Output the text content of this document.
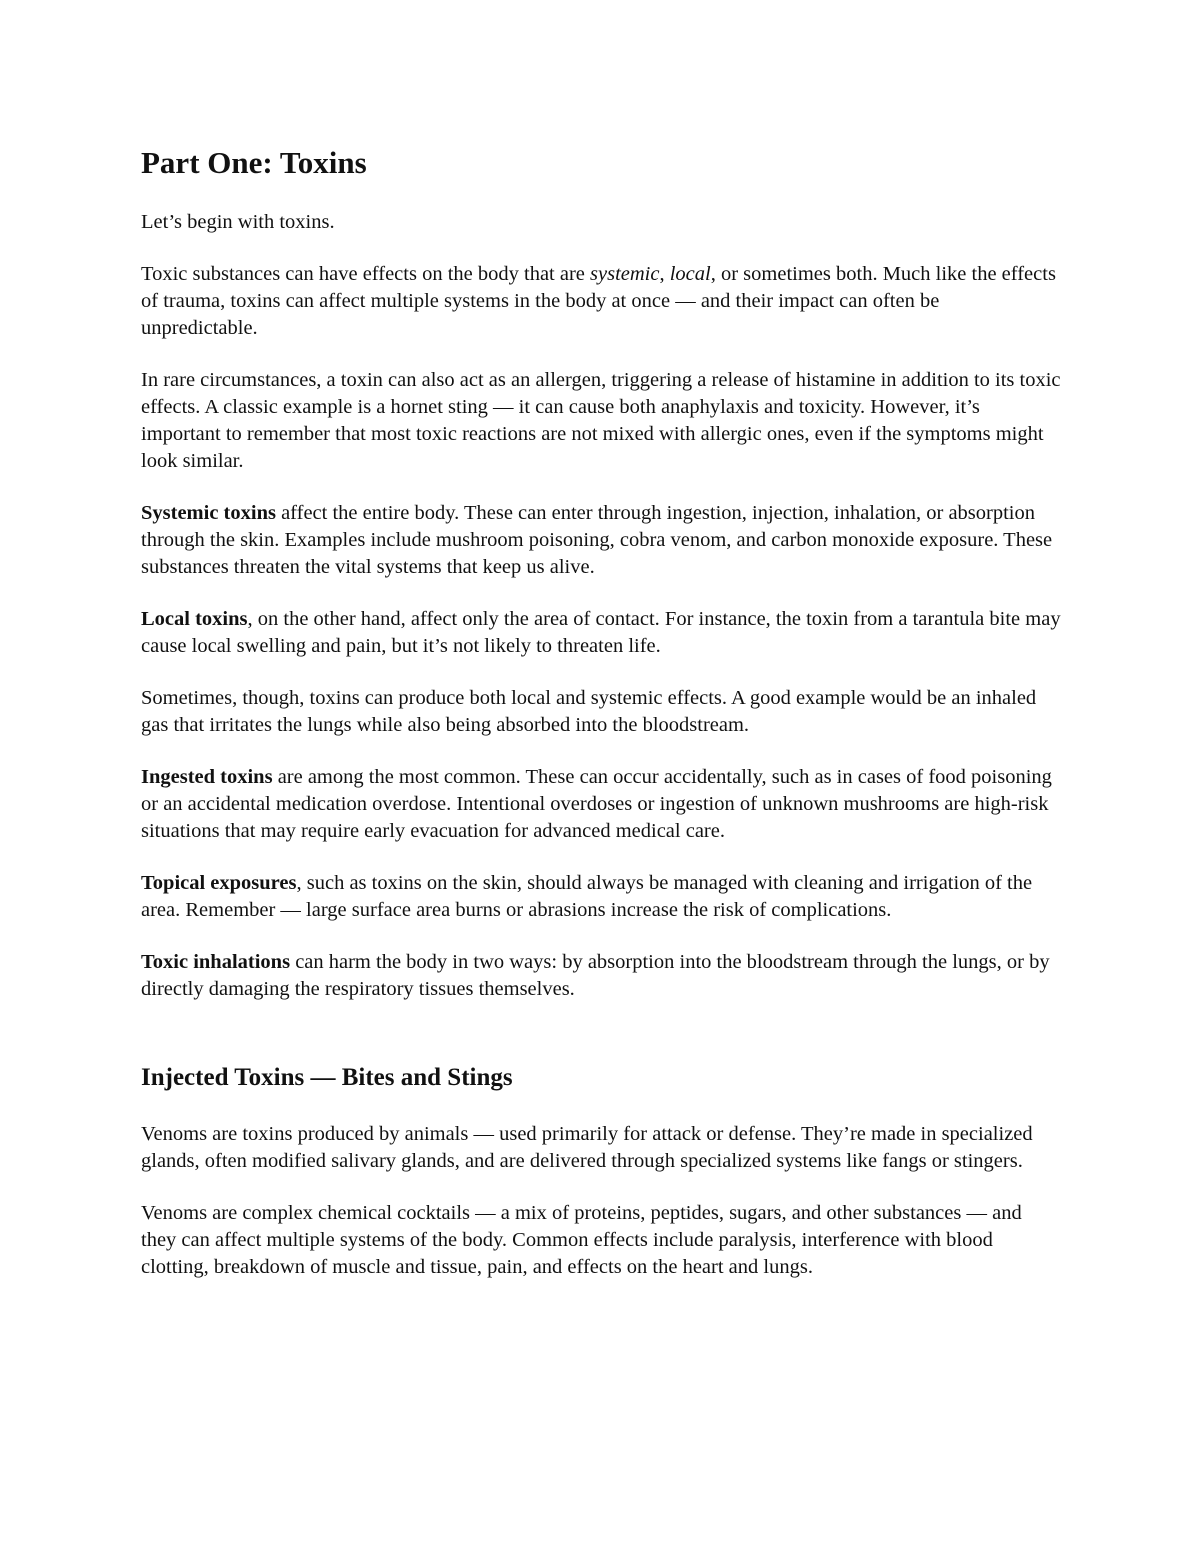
Part One: Toxins

Let’s begin with toxins.

Toxic substances can have effects on the body that are systemic, local, or sometimes both. Much like the effects of trauma, toxins can affect multiple systems in the body at once — and their impact can often be unpredictable.

In rare circumstances, a toxin can also act as an allergen, triggering a release of histamine in addition to its toxic effects. A classic example is a hornet sting — it can cause both anaphylaxis and toxicity. However, it’s important to remember that most toxic reactions are not mixed with allergic ones, even if the symptoms might look similar.

Systemic toxins affect the entire body. These can enter through ingestion, injection, inhalation, or absorption through the skin. Examples include mushroom poisoning, cobra venom, and carbon monoxide exposure. These substances threaten the vital systems that keep us alive.

Local toxins, on the other hand, affect only the area of contact. For instance, the toxin from a tarantula bite may cause local swelling and pain, but it’s not likely to threaten life.

Sometimes, though, toxins can produce both local and systemic effects. A good example would be an inhaled gas that irritates the lungs while also being absorbed into the bloodstream.

Ingested toxins are among the most common. These can occur accidentally, such as in cases of food poisoning or an accidental medication overdose. Intentional overdoses or ingestion of unknown mushrooms are high-risk situations that may require early evacuation for advanced medical care.

Topical exposures, such as toxins on the skin, should always be managed with cleaning and irrigation of the area. Remember — large surface area burns or abrasions increase the risk of complications.

Toxic inhalations can harm the body in two ways: by absorption into the bloodstream through the lungs, or by directly damaging the respiratory tissues themselves.

Injected Toxins — Bites and Stings

Venoms are toxins produced by animals — used primarily for attack or defense. They’re made in specialized glands, often modified salivary glands, and are delivered through specialized systems like fangs or stingers.

Venoms are complex chemical cocktails — a mix of proteins, peptides, sugars, and other substances — and they can affect multiple systems of the body. Common effects include paralysis, interference with blood clotting, breakdown of muscle and tissue, pain, and effects on the heart and lungs.
